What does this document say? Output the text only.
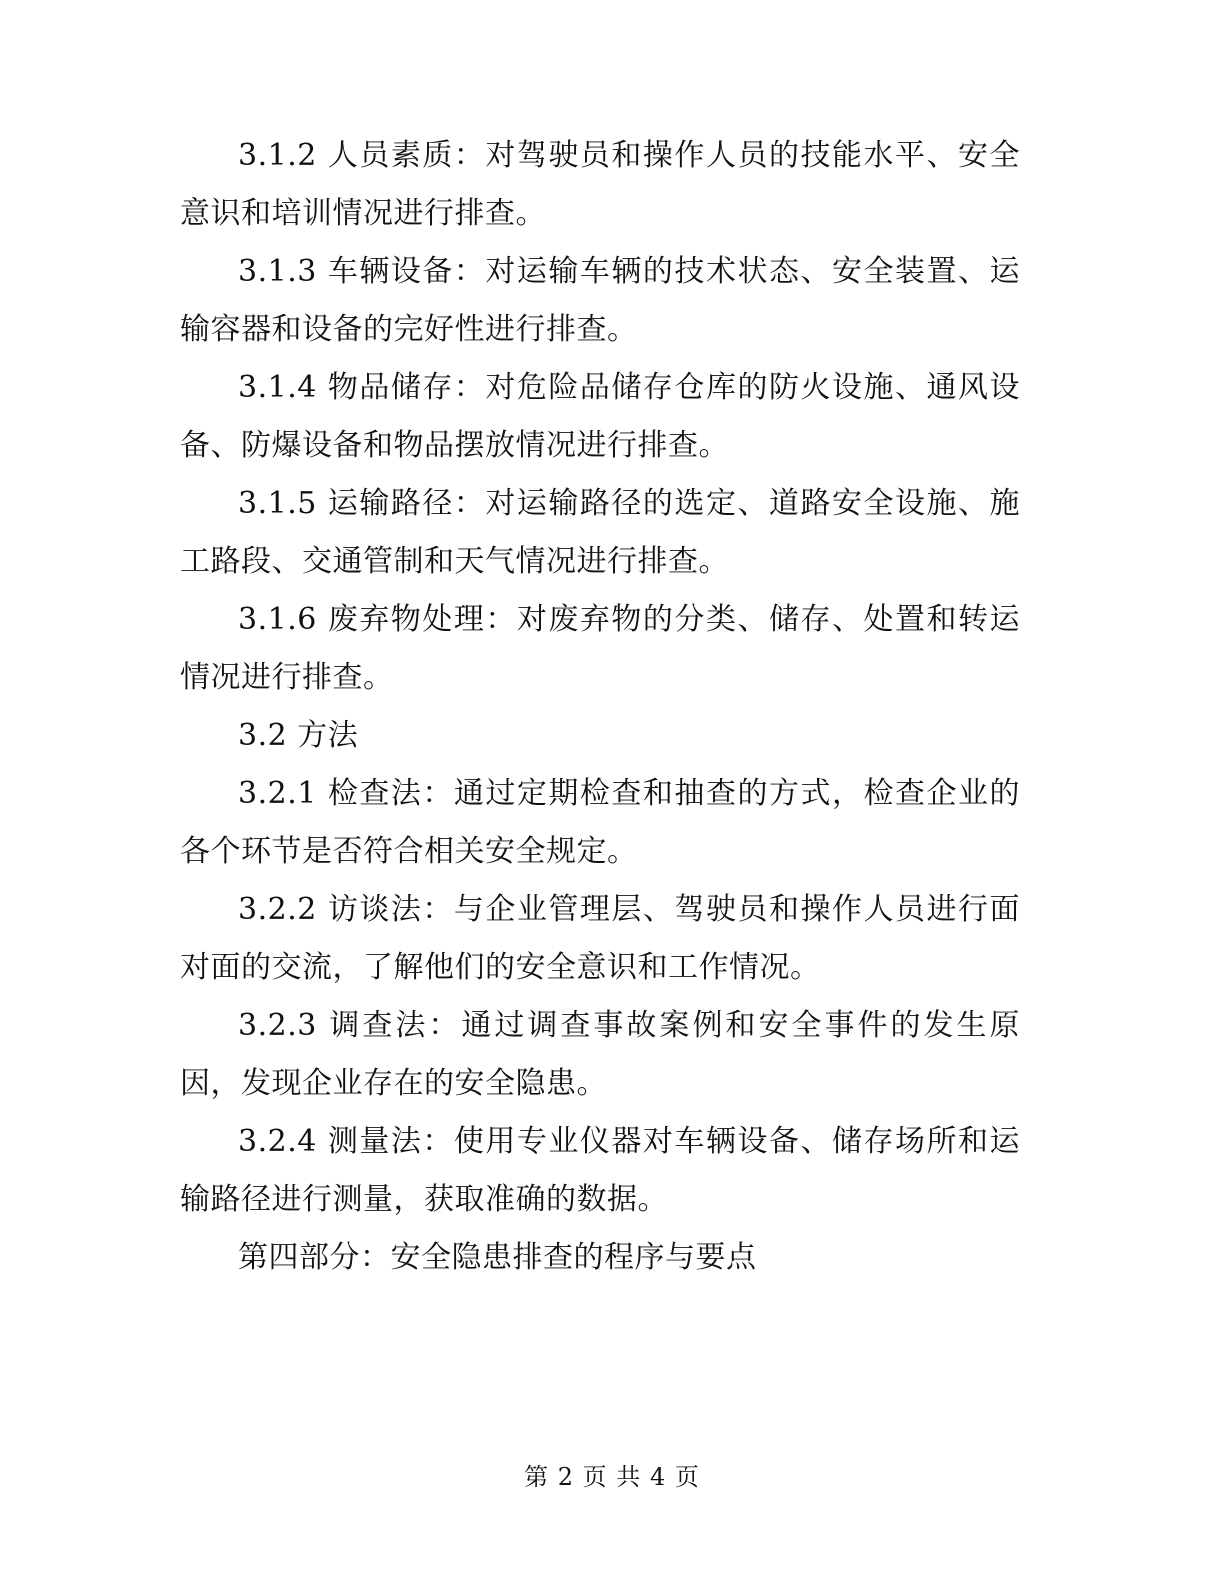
3.1.2 人员素质：对驾驶员和操作人员的技能水平、安全意识和培训情况进行排查。

3.1.3 车辆设备：对运输车辆的技术状态、安全装置、运输容器和设备的完好性进行排查。

3.1.4 物品储存：对危险品储存仓库的防火设施、通风设备、防爆设备和物品摆放情况进行排查。

3.1.5 运输路径：对运输路径的选定、道路安全设施、施工路段、交通管制和天气情况进行排查。

3.1.6 废弃物处理：对废弃物的分类、储存、处置和转运情况进行排查。

3.2 方法

3.2.1 检查法：通过定期检查和抽查的方式，检查企业的各个环节是否符合相关安全规定。

3.2.2 访谈法：与企业管理层、驾驶员和操作人员进行面对面的交流，了解他们的安全意识和工作情况。

3.2.3 调查法：通过调查事故案例和安全事件的发生原因，发现企业存在的安全隐患。

3.2.4 测量法：使用专业仪器对车辆设备、储存场所和运输路径进行测量，获取准确的数据。

第四部分：安全隐患排查的程序与要点

第 2 页 共 4 页
